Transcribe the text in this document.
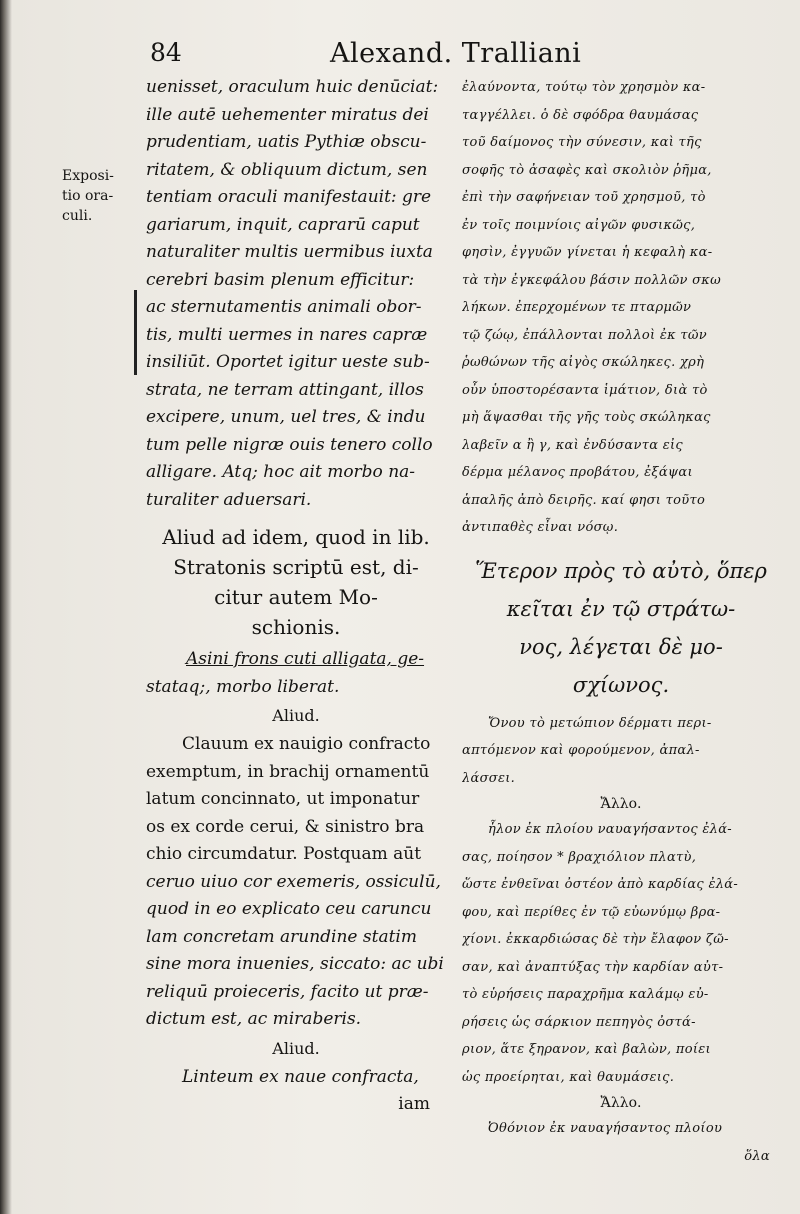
84	Alexand. Tralliani
Exposi-
tio ora-
culi.
uenisset, oraculum huic denūciat:
ille autē uehementer miratus dei
prudentiam, uatis Pythiæ obscu-
ritatem, & obliquum dictum, sen
tentiam oraculi manifestauit: gre
gariarum, inquit, caprarū caput
naturaliter multis uermibus iuxta
cerebri basim plenum efficitur:
ac sternutamentis animali obor-
tis, multi uermes in nares capræ
insiliūt. Oportet igitur ueste sub-
strata, ne terram attingant, illos
excipere, unum, uel tres, & indu
tum pelle nigræ ouis tenero collo
alligare. Atq; hoc ait morbo na-
turaliter aduersari.
Aliud ad idem, quod in lib.
Stratonis scriptū est, di-
citur autem Mo-
schionis.
Asini frons cuti alligata, ge-
stataq;, morbo liberat.
Aliud.
Clauum ex nauigio confracto
exemptum, in brachij ornamentū
latum concinnato, ut imponatur
os ex corde cerui, & sinistro bra
chio circumdatur. Postquam aūt
ceruo uiuo cor exemeris, ossiculū,
quod in eo explicato ceu caruncu
lam concretam arundine statim
sine mora inuenies, siccato: ac ubi
reliquū proieceris, facito ut præ-
dictum est, ac miraberis.
Aliud.
Linteum ex naue confracta,
iam
ἐλαύνοντα, τούτῳ τὸν χρησμὸν κα-
ταγγέλλει. ὁ δὲ σφόδρα θαυμάσας
τοῦ δαίμονος τὴν σύνεσιν, καὶ τῆς
σοφῆς τὸ ἀσαφὲς καὶ σκολιὸν ῥῆμα,
ἐπὶ τὴν σαφήνειαν τοῦ χρησμοῦ, τὸ
ἐν τοῖς ποιμνίοις αἰγῶν φυσικῶς,
φησὶν, ἐγγυῶν γίνεται ἡ κεφαλὴ κα-
τὰ τὴν ἐγκεφάλου βάσιν πολλῶν σκω
λήκων. ἐπερχομένων τε πταρμῶν
τῷ ζώῳ, ἐπάλλονται πολλοὶ ἐκ τῶν
ῥωθώνων τῆς αἰγὸς σκώληκες. χρὴ
οὖν ὑποστορέσαντα ἱμάτιον, διὰ τὸ
μὴ ἅψασθαι τῆς γῆς τοὺς σκώληκας
λαβεῖν α ἢ γ, καὶ ἐνδύσαντα εἰς
δέρμα μέλανος προβάτου, ἐξάψαι
ἁπαλῆς ἀπὸ δειρῆς. καί φησι τοῦτο
ἀντιπαθὲς εἶναι νόσῳ.
Ἕτερον πρὸς τὸ αὐτὸ, ὅπερ
κεῖται ἐν τῷ στράτω-
νος, λέγεται δὲ μο-
σχίωνος.
Ὄνου τὸ μετώπιον δέρματι περι-
απτόμενον καὶ φορούμενον, ἀπαλ-
λάσσει.
Ἄλλο.
ἧλον ἐκ πλοίου ναυαγήσαντος ἐλά-
σας, ποίησον * βραχιόλιον πλατὺ,
ὥστε ἐνθεῖναι ὀστέον ἀπὸ καρδίας ἐλά-
φου, καὶ περίθες ἐν τῷ εὐωνύμῳ βρα-
χίονι. ἐκκαρδιώσας δὲ τὴν ἔλαφον ζῶ-
σαν, καὶ ἀναπτύξας τὴν καρδίαν αὐτ-
τὸ εὑρήσεις παραχρῆμα καλάμῳ εὐ-
ρήσεις ὡς σάρκιον πεπηγὸς ὀστά-
ριον, ἅτε ξηρανον, καὶ βαλὼν, ποίει
ὡς προείρηται, καὶ θαυμάσεις.
Ἄλλο.
Ὀθόνιον ἐκ ναυαγήσαντος πλοίου
ὅλα
